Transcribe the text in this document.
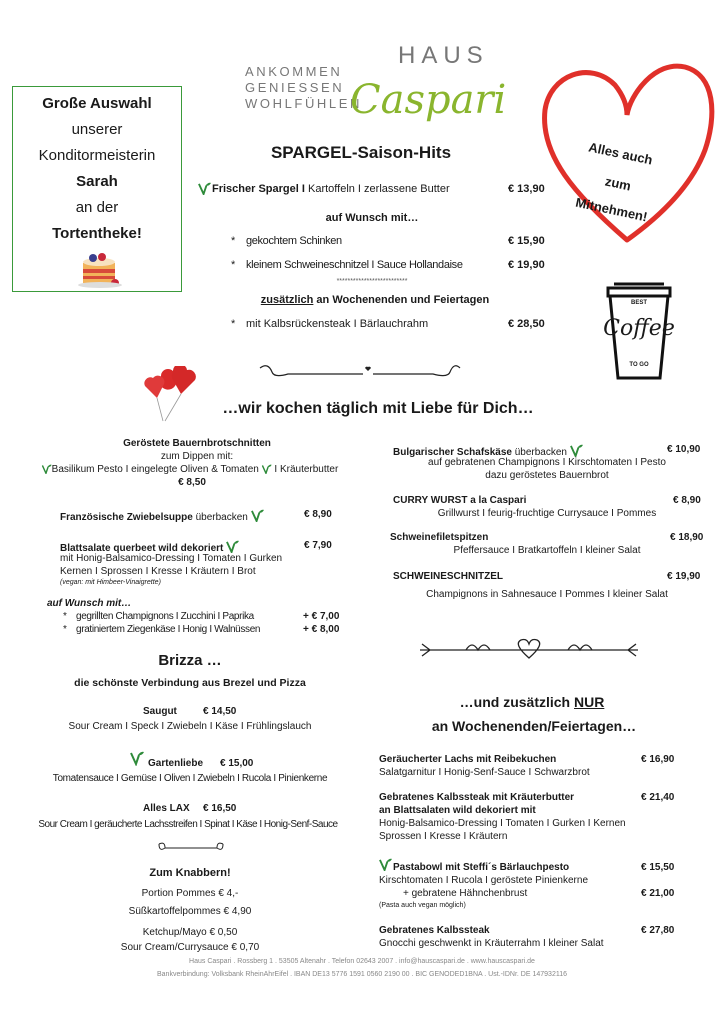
Große Auswahl
unserer
Konditormeisterin
Sarah
an der
Tortentheke!
ANKOMMEN
GENIESSEN
WOHLFÜHLEN
HAUS
Caspari
Alles auch
zum
Mitnehmen!
BEST
Coffee
TO GO
SPARGEL-Saison-Hits
Frischer Spargel I Kartoffeln I zerlassene Butter	€ 13,90
auf Wunsch mit…
* gekochtem Schinken	€ 15,90
* kleinem Schweineschnitzel I Sauce Hollandaise	€ 19,90
**************************
zusätzlich an Wochenenden und Feiertagen
* mit Kalbsrückensteak I Bärlauchrahm	€ 28,50
…wir kochen täglich mit Liebe für Dich…
Geröstete Bauernbrotschnitten
zum Dippen mit:
Basilikum Pesto I eingelegte Oliven & Tomaten  I Kräuterbutter
€ 8,50
Französische Zwiebelsuppe überbacken	€ 8,90
Blattsalate querbeet wild dekoriert	€ 7,90
mit Honig-Balsamico-Dressing I Tomaten I Gurken
Kernen I Sprossen I Kresse I Kräutern I Brot
(vegan: mit Himbeer-Vinaigrette)
auf Wunsch mit…
* gegrillten Champignons I Zucchini I Paprika	+ € 7,00
* gratiniertem Ziegenkäse I Honig I Walnüssen	+ € 8,00
Brizza …
die schönste Verbindung aus Brezel und Pizza
Saugut	€ 14,50
Sour Cream I Speck I Zwiebeln I Käse I Frühlingslauch
Gartenliebe € 15,00
Tomatensauce I Gemüse I Oliven I Zwiebeln I Rucola I Pinienkerne
Alles LAX € 16,50
Sour Cream I geräucherte Lachsstreifen I Spinat I Käse I Honig-Senf-Sauce
Zum Knabbern!
Portion Pommes € 4,-
Süßkartoffelpommes € 4,90
Ketchup/Mayo € 0,50
Sour Cream/Currysauce € 0,70
Bulgarischer Schafskäse überbacken	€ 10,90
auf gebratenen Champignons I Kirschtomaten I Pesto
dazu geröstetes Bauernbrot
CURRY WURST a la Caspari	€ 8,90
Grillwurst I feurig-fruchtige Currysauce I Pommes
Schweinefiletspitzen	€ 18,90
Pfeffersauce I Bratkartoffeln I kleiner Salat
SCHWEINESCHNITZEL	€ 19,90
Champignons in Sahnesauce I Pommes I kleiner Salat
…und zusätzlich NUR
an Wochenenden/Feiertagen…
Geräucherter Lachs mit Reibekuchen	€ 16,90
Salatgarnitur I Honig-Senf-Sauce I Schwarzbrot
Gebratenes Kalbssteak mit Kräuterbutter	€ 21,40
an Blattsalaten wild dekoriert mit
Honig-Balsamico-Dressing I Tomaten I Gurken I Kernen
Sprossen I Kresse I Kräutern
Pastabowl mit Steffi´s Bärlauchpesto	€ 15,50
Kirschtomaten I Rucola I geröstete Pinienkerne
+ gebratene Hähnchenbrust	€ 21,00
(Pasta auch vegan möglich)
Gebratenes Kalbssteak	€ 27,80
Gnocchi geschwenkt in Kräuterrahm I kleiner Salat
Haus Caspari . Rossberg 1 . 53505 Altenahr . Telefon 02643 2007 . info@hauscaspari.de . www.hauscaspari.de
Bankverbindung: Volksbank RheinAhrEifel . IBAN DE13 5776 1591 0560 2190 00 . BIC GENODED1BNA . Ust.-IDNr. DE 147932116
